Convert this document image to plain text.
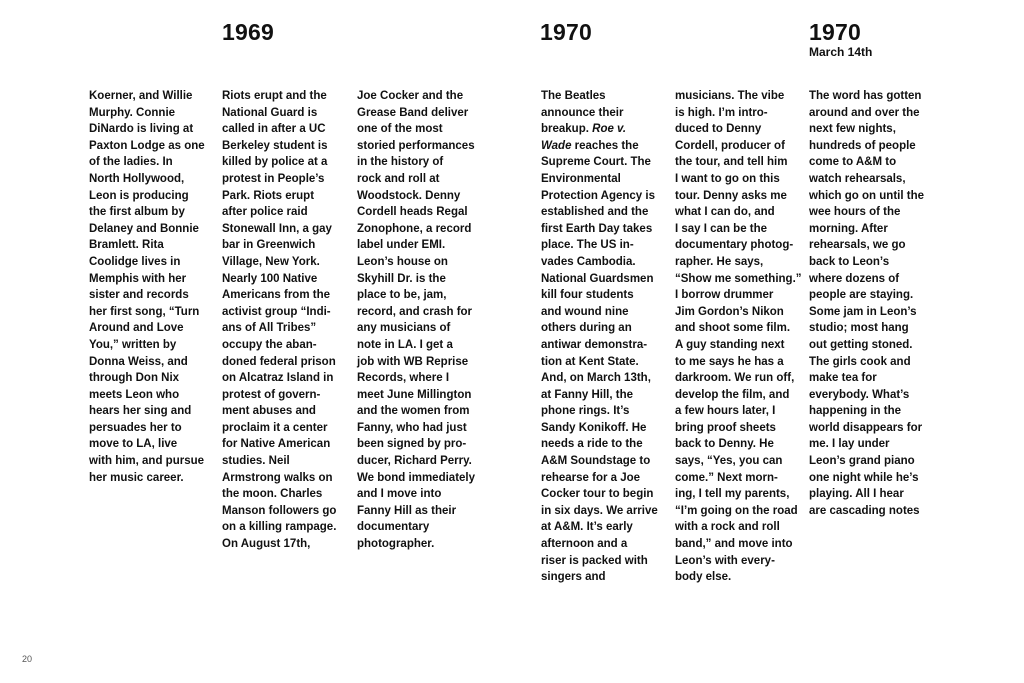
1969	1970	1970
March 14th
Koerner, and Willie
Murphy. Connie
DiNardo is living at
Paxton Lodge as one
of the ladies. In
North Hollywood,
Leon is producing
the first album by
Delaney and Bonnie
Bramlett. Rita
Coolidge lives in
Memphis with her
sister and records
her first song, “Turn
Around and Love
You,” written by
Donna Weiss, and
through Don Nix
meets Leon who
hears her sing and
persuades her to
move to LA, live
with him, and pursue
her music career.
Riots erupt and the
National Guard is
called in after a UC
Berkeley student is
killed by police at a
protest in People’s
Park. Riots erupt
after police raid
Stonewall Inn, a gay
bar in Greenwich
Village, New York.
Nearly 100 Native
Americans from the
activist group “Indi-
ans of All Tribes”
occupy the aban-
doned federal prison
on Alcatraz Island in
protest of govern-
ment abuses and
proclaim it a center
for Native American
studies. Neil
Armstrong walks on
the moon. Charles
Manson followers go
on a killing rampage.
On August 17th,
Joe Cocker and the
Grease Band deliver
one of the most
storied performances
in the history of
rock and roll at
Woodstock. Denny
Cordell heads Regal
Zonophone, a record
label under EMI.
Leon’s house on
Skyhill Dr. is the
place to be, jam,
record, and crash for
any musicians of
note in LA. I get a
job with WB Reprise
Records, where I
meet June Millington
and the women from
Fanny, who had just
been signed by pro-
ducer, Richard Perry.
We bond immediately
and I move into
Fanny Hill as their
documentary
photographer.
The Beatles
announce their
breakup. Roe v.
Wade reaches the
Supreme Court. The
Environmental
Protection Agency is
established and the
first Earth Day takes
place. The US in-
vades Cambodia.
National Guardsmen
kill four students
and wound nine
others during an
antiwar demonstra-
tion at Kent State.
And, on March 13th,
at Fanny Hill, the
phone rings. It’s
Sandy Konikoff. He
needs a ride to the
A&M Soundstage to
rehearse for a Joe
Cocker tour to begin
in six days. We arrive
at A&M. It’s early
afternoon and a
riser is packed with
singers and
musicians. The vibe
is high. I’m intro-
duced to Denny
Cordell, producer of
the tour, and tell him
I want to go on this
tour. Denny asks me
what I can do, and
I say I can be the
documentary photog-
rapher. He says,
“Show me something.”
I borrow drummer
Jim Gordon’s Nikon
and shoot some film.
A guy standing next
to me says he has a
darkroom. We run off,
develop the film, and
a few hours later, I
bring proof sheets
back to Denny. He
says, “Yes, you can
come.” Next morn-
ing, I tell my parents,
“I’m going on the road
with a rock and roll
band,” and move into
Leon’s with every-
body else.
The word has gotten
around and over the
next few nights,
hundreds of people
come to A&M to
watch rehearsals,
which go on until the
wee hours of the
morning. After
rehearsals, we go
back to Leon’s
where dozens of
people are staying.
Some jam in Leon’s
studio; most hang
out getting stoned.
The girls cook and
make tea for
everybody. What’s
happening in the
world disappears for
me. I lay under
Leon’s grand piano
one night while he’s
playing. All I hear
are cascading notes
20
